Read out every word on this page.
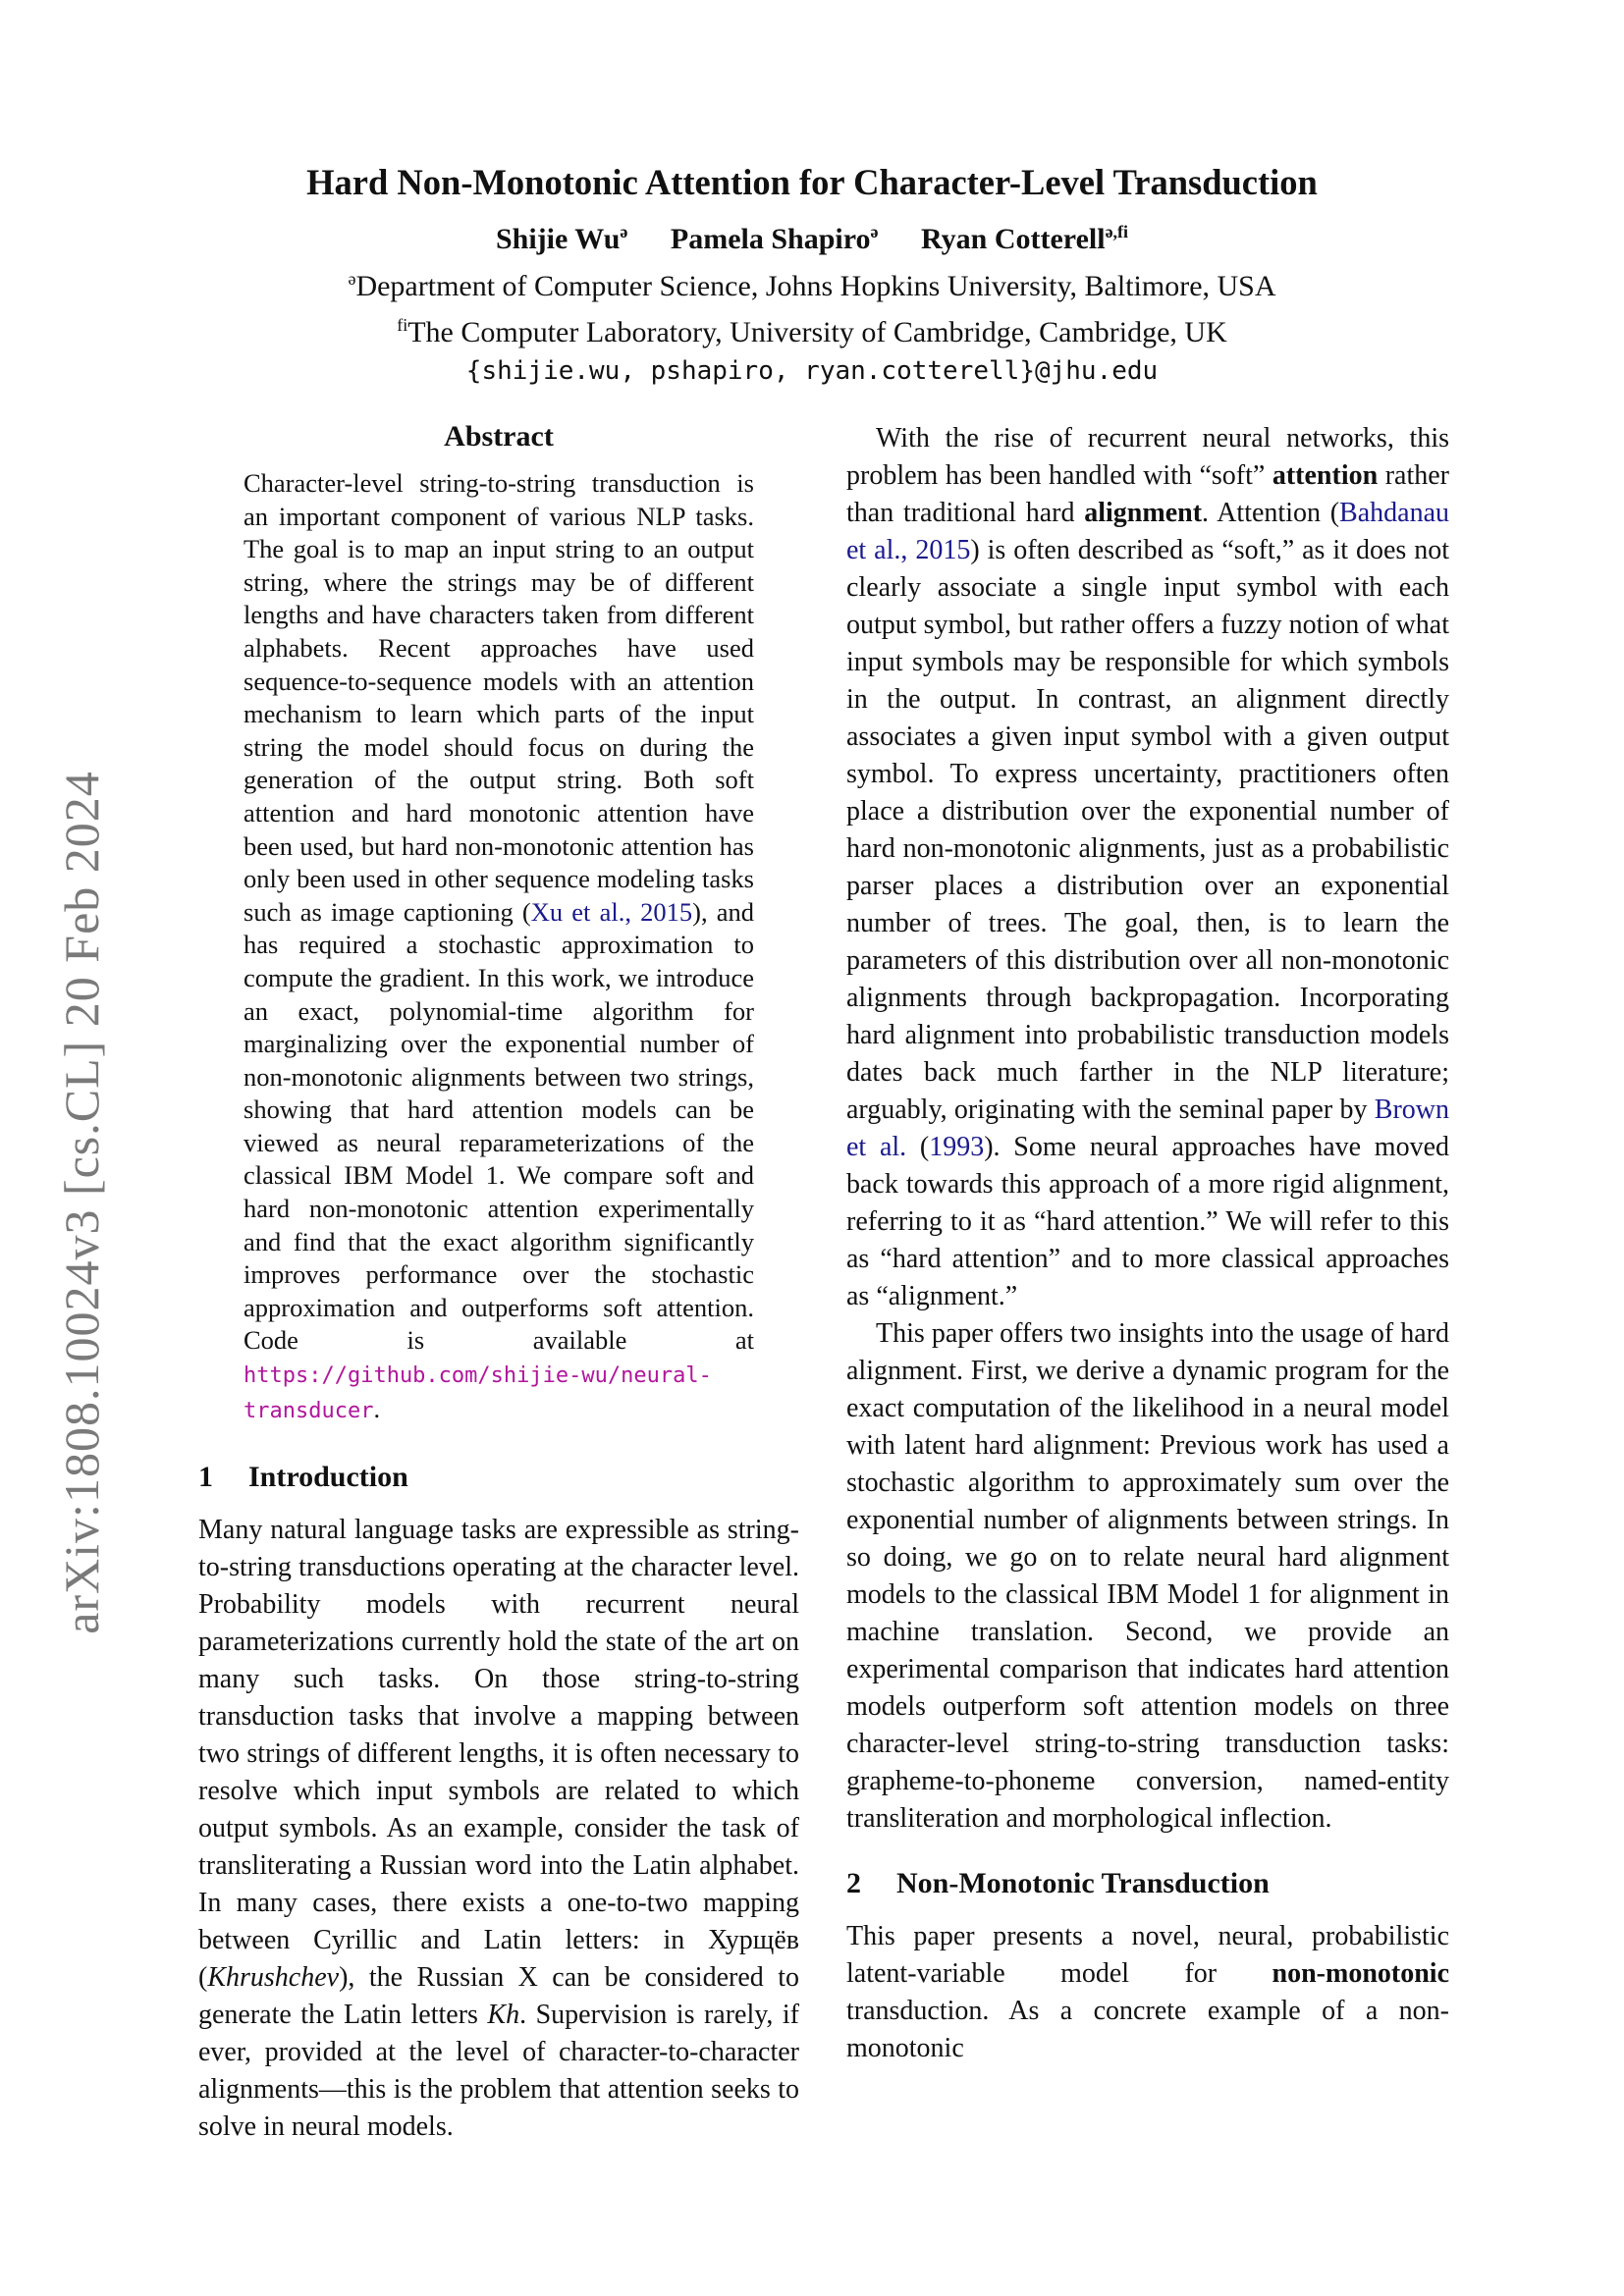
arXiv:1808.10024v3 [cs.CL] 20 Feb 2024
Hard Non-Monotonic Attention for Character-Level Transduction
Shijie $Wu^ə$ Pamela Shapiro$^ə$ Ryan Cotterell$^{ə,fi}$
$^ə$Department of Computer Science, Johns Hopkins University, Baltimore, USA
$^{fi}$The Computer Laboratory, University of Cambridge, Cambridge, UK
{shijie.wu, pshapiro, ryan.cotterell}@jhu.edu
Abstract

Character-level string-to-string transduction is an important component of various NLP tasks. The goal is to map an input string to an output string, where the strings may be of different lengths and have characters taken from different alphabets. Recent approaches have used sequence-to-sequence models with an attention mechanism to learn which parts of the input string the model should focus on during the generation of the output string. Both soft attention and hard monotonic attention have been used, but hard non-monotonic attention has only been used in other sequence modeling tasks such as image captioning (Xu et al., 2015), and has required a stochastic approximation to compute the gradient. In this work, we introduce an exact, polynomial-time algorithm for marginalizing over the exponential number of non-monotonic alignments between two strings, showing that hard attention models can be viewed as neural reparameterizations of the classical IBM Model 1. We compare soft and hard non-monotonic attention experimentally and find that the exact algorithm significantly improves performance over the stochastic approximation and outperforms soft attention. Code is available at https://github.com/shijie-wu/neural-transducer.

1 Introduction

Many natural language tasks are expressible as string-to-string transductions operating at the character level. Probability models with recurrent neural parameterizations currently hold the state of the art on many such tasks. On those string-to-string transduction tasks that involve a mapping between two strings of different lengths, it is often necessary to resolve which input symbols are related to which output symbols. As an example, consider the task of transliterating a Russian word into the Latin alphabet. In many cases, there exists a one-to-two mapping between Cyrillic and Latin letters: in Хурщёв (Khrushchev), the Russian Х can be considered to generate the Latin letters Kh. Supervision is rarely, if ever, provided at the level of character-to-character alignments—this is the problem that attention seeks to solve in neural models.

With the rise of recurrent neural networks, this problem has been handled with “soft” attention rather than traditional hard alignment. Attention (Bahdanau et al., 2015) is often described as “soft,” as it does not clearly associate a single input symbol with each output symbol, but rather offers a fuzzy notion of what input symbols may be responsible for which symbols in the output. In contrast, an alignment directly associates a given input symbol with a given output symbol. To express uncertainty, practitioners often place a distribution over the exponential number of hard non-monotonic alignments, just as a probabilistic parser places a distribution over an exponential number of trees. The goal, then, is to learn the parameters of this distribution over all non-monotonic alignments through backpropagation. Incorporating hard alignment into probabilistic transduction models dates back much farther in the NLP literature; arguably, originating with the seminal paper by Brown et al. (1993). Some neural approaches have moved back towards this approach of a more rigid alignment, referring to it as “hard attention.” We will refer to this as “hard attention” and to more classical approaches as “alignment.”

This paper offers two insights into the usage of hard alignment. First, we derive a dynamic program for the exact computation of the likelihood in a neural model with latent hard alignment: Previous work has used a stochastic algorithm to approximately sum over the exponential number of alignments between strings. In so doing, we go on to relate neural hard alignment models to the classical IBM Model 1 for alignment in machine translation. Second, we provide an experimental comparison that indicates hard attention models outperform soft attention models on three character-level string-to-string transduction tasks: grapheme-to-phoneme conversion, named-entity transliteration and morphological inflection.

2 Non-Monotonic Transduction

This paper presents a novel, neural, probabilistic latent-variable model for non-monotonic transduction. As a concrete example of a non-monotonic
